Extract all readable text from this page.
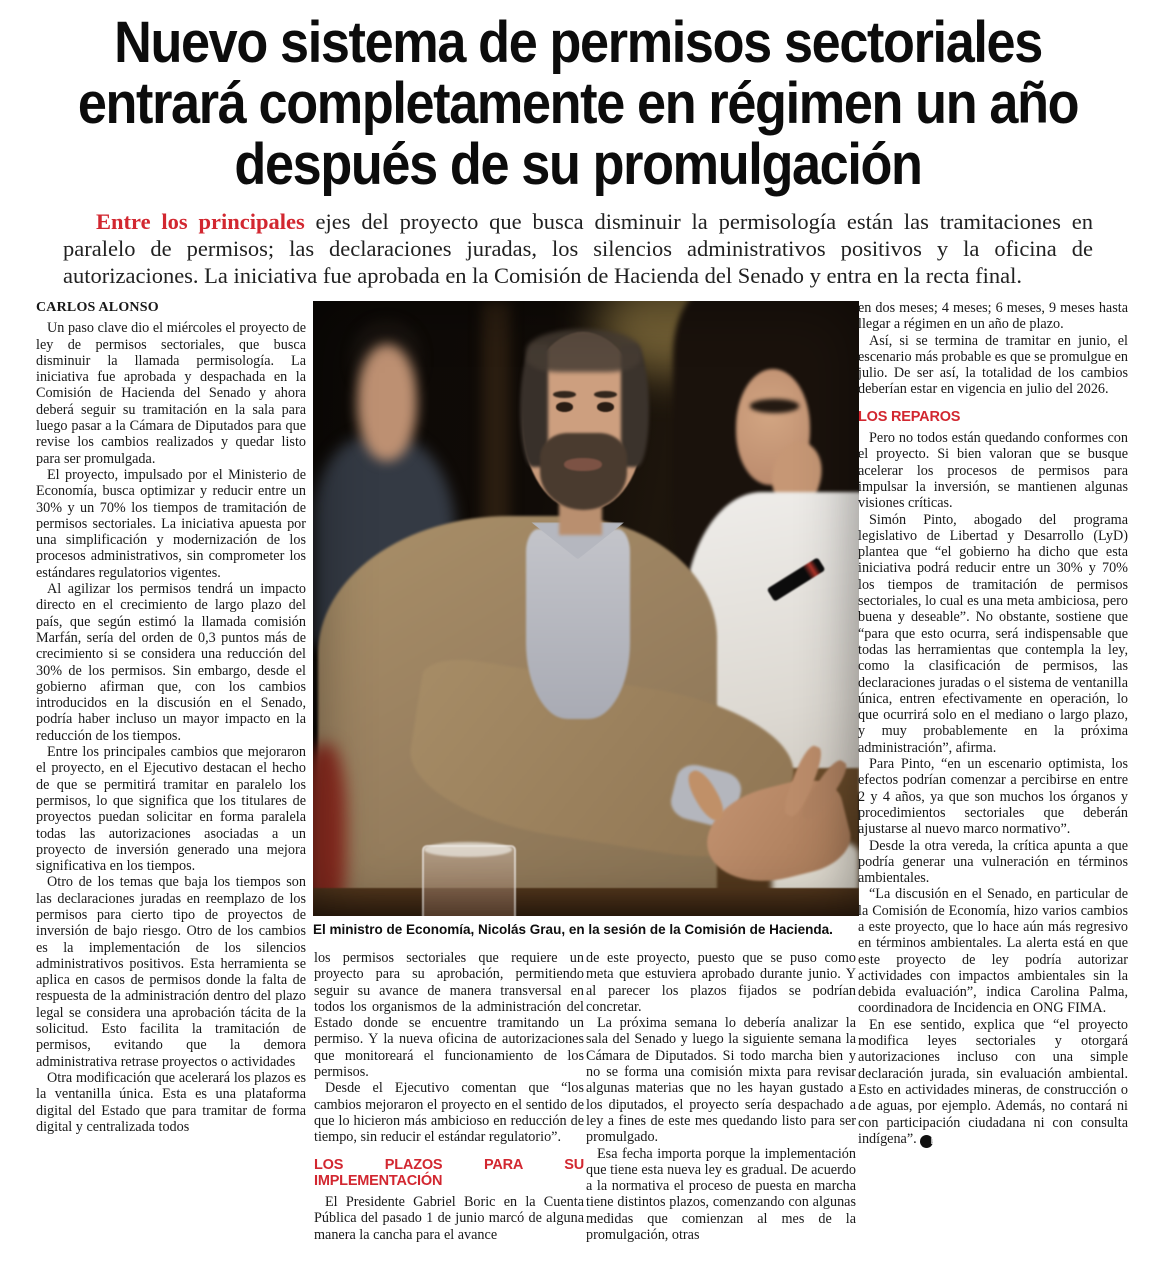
Nuevo sistema de permisos sectoriales
entrará completamente en régimen un año
después de su promulgación

Entre los principales ejes del proyecto que busca disminuir la permisología están las tramitaciones en paralelo de permisos; las declaraciones juradas, los silencios administrativos positivos y la oficina de autorizaciones. La iniciativa fue aprobada en la Comisión de Hacienda del Senado y entra en la recta final.

CARLOS ALONSO

Un paso clave dio el miércoles el proyecto de ley de permisos sectoriales, que busca disminuir la llamada permisología. La iniciativa fue aprobada y despachada en la Comisión de Hacienda del Senado y ahora deberá seguir su tramitación en la sala para luego pasar a la Cámara de Diputados para que revise los cambios realizados y quedar listo para ser promulgada.

El proyecto, impulsado por el Ministerio de Economía, busca optimizar y reducir entre un 30% y un 70% los tiempos de tramitación de permisos sectoriales. La iniciativa apuesta por una simplificación y modernización de los procesos administrativos, sin comprometer los estándares regulatorios vigentes.

Al agilizar los permisos tendrá un impacto directo en el crecimiento de largo plazo del país, que según estimó la llamada comisión Marfán, sería del orden de 0,3 puntos más de crecimiento si se considera una reducción del 30% de los permisos. Sin embargo, desde el gobierno afirman que, con los cambios introducidos en la discusión en el Senado, podría haber incluso un mayor impacto en la reducción de los tiempos.

Entre los principales cambios que mejoraron el proyecto, en el Ejecutivo destacan el hecho de que se permitirá tramitar en paralelo los permisos, lo que significa que los titulares de proyectos puedan solicitar en forma paralela todas las autorizaciones asociadas a un proyecto de inversión generado una mejora significativa en los tiempos.

Otro de los temas que baja los tiempos son las declaraciones juradas en reemplazo de los permisos para cierto tipo de proyectos de inversión de bajo riesgo. Otro de los cambios es la implementación de los silencios administrativos positivos. Esta herramienta se aplica en casos de permisos donde la falta de respuesta de la administración dentro del plazo legal se considera una aprobación tácita de la solicitud. Esto facilita la tramitación de permisos, evitando que la demora administrativa retrase proyectos o actividades

Otra modificación que acelerará los plazos es la ventanilla única. Esta es una plataforma digital del Estado que para tramitar de forma digital y centralizada todos

El ministro de Economía, Nicolás Grau, en la sesión de la Comisión de Hacienda.

los permisos sectoriales que requiere un proyecto para su aprobación, permitiendo seguir su avance de manera transversal en todos los organismos de la administración del Estado donde se encuentre tramitando un permiso. Y la nueva oficina de autorizaciones que monitoreará el funcionamiento de los permisos.

Desde el Ejecutivo comentan que “los cambios mejoraron el proyecto en el sentido de que lo hicieron más ambicioso en reducción de tiempo, sin reducir el estándar regulatorio”.

LOS PLAZOS PARA SU IMPLEMENTACIÓN

El Presidente Gabriel Boric en la Cuenta Pública del pasado 1 de junio marcó de alguna manera la cancha para el avance

de este proyecto, puesto que se puso como meta que estuviera aprobado durante junio. Y al parecer los plazos fijados se podrían concretar.

La próxima semana lo debería analizar la sala del Senado y luego la siguiente semana la Cámara de Diputados. Si todo marcha bien y no se forma una comisión mixta para revisar algunas materias que no les hayan gustado a los diputados, el proyecto sería despachado a ley a fines de este mes quedando listo para ser promulgado.

Esa fecha importa porque la implementación que tiene esta nueva ley es gradual. De acuerdo a la normativa el proceso de puesta en marcha tiene distintos plazos, comenzando con algunas medidas que comienzan al mes de la promulgación, otras

en dos meses; 4 meses; 6 meses, 9 meses hasta llegar a régimen en un año de plazo.

Así, si se termina de tramitar en junio, el escenario más probable es que se promulgue en julio. De ser así, la totalidad de los cambios deberían estar en vigencia en julio del 2026.

LOS REPAROS

Pero no todos están quedando conformes con el proyecto. Si bien valoran que se busque acelerar los procesos de permisos para impulsar la inversión, se mantienen algunas visiones críticas.

Simón Pinto, abogado del programa legislativo de Libertad y Desarrollo (LyD) plantea que “el gobierno ha dicho que esta iniciativa podrá reducir entre un 30% y 70% los tiempos de tramitación de permisos sectoriales, lo cual es una meta ambiciosa, pero buena y deseable”. No obstante, sostiene que “para que esto ocurra, será indispensable que todas las herramientas que contempla la ley, como la clasificación de permisos, las declaraciones juradas o el sistema de ventanilla única, entren efectivamente en operación, lo que ocurrirá solo en el mediano o largo plazo, y muy probablemente en la próxima administración”, afirma.

Para Pinto, “en un escenario optimista, los efectos podrían comenzar a percibirse en entre 2 y 4 años, ya que son muchos los órganos y procedimientos sectoriales que deberán ajustarse al nuevo marco normativo”.

Desde la otra vereda, la crítica apunta a que podría generar una vulneración en términos ambientales.

“La discusión en el Senado, en particular de la Comisión de Economía, hizo varios cambios a este proyecto, que lo hace aún más regresivo en términos ambientales. La alerta está en que este proyecto de ley podría autorizar actividades con impactos ambientales sin la debida evaluación”, indica Carolina Palma, coordinadora de Incidencia en ONG FIMA.

En ese sentido, explica que “el proyecto modifica leyes sectoriales y otorgará autorizaciones incluso con una simple declaración jurada, sin evaluación ambiental. Esto en actividades mineras, de construcción o de aguas, por ejemplo. Además, no contará ni con participación ciudadana ni con consulta indígena”. P
